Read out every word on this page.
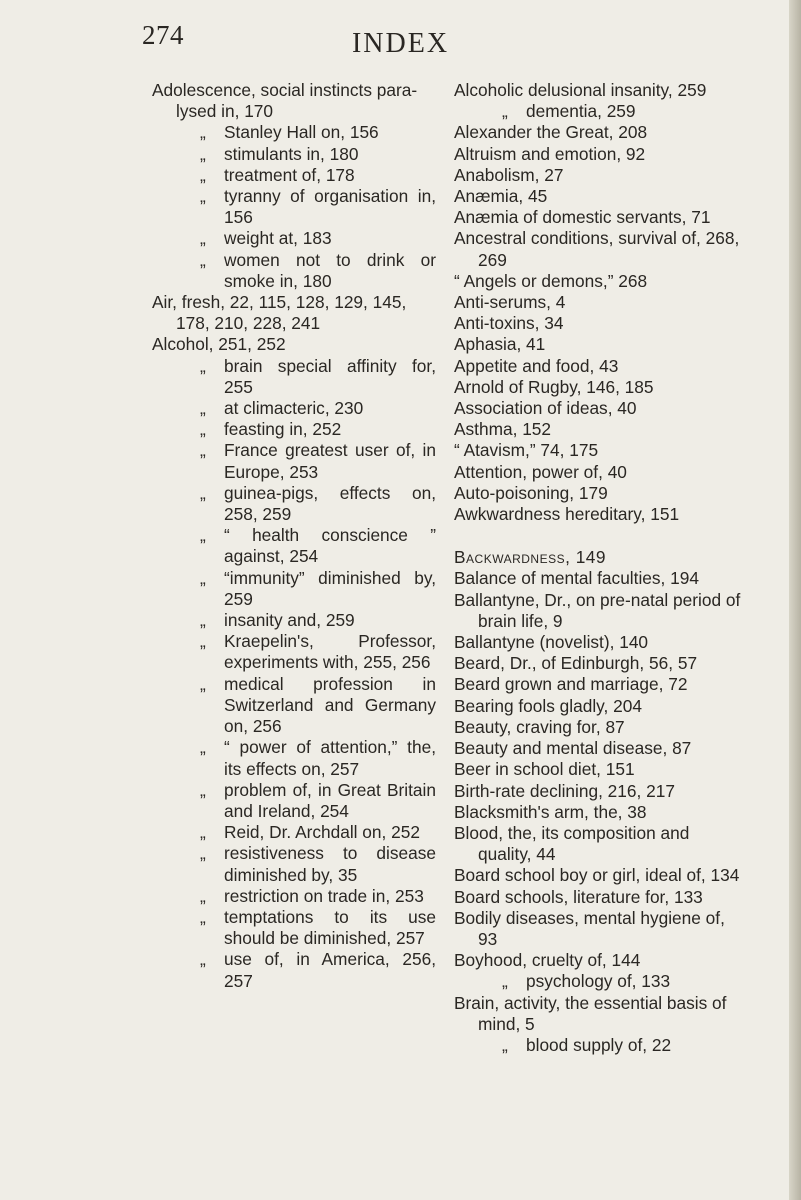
274	INDEX
Adolescence, social instincts paralysed in, 170
„ Stanley Hall on, 156
„ stimulants in, 180
„ treatment of, 178
„ tyranny of organisation in, 156
„ weight at, 183
„ women not to drink or smoke in, 180
Air, fresh, 22, 115, 128, 129, 145, 178, 210, 228, 241
Alcohol, 251, 252
„ brain special affinity for, 255
„ at climacteric, 230
„ feasting in, 252
„ France greatest user of, in Europe, 253
„ guinea-pigs, effects on, 258, 259
„ “ health conscience ” against, 254
„ “immunity” diminished by, 259
„ insanity and, 259
„ Kraepelin's, Professor, experiments with, 255, 256
„ medical profession in Switzerland and Germany on, 256
„ “ power of attention,” the, its effects on, 257
„ problem of, in Great Britain and Ireland, 254
„ Reid, Dr. Archdall on, 252
„ resistiveness to disease diminished by, 35
„ restriction on trade in, 253
„ temptations to its use should be diminished, 257
„ use of, in America, 256, 257
Alcoholic delusional insanity, 259
„ dementia, 259
Alexander the Great, 208
Altruism and emotion, 92
Anabolism, 27
Anæmia, 45
Anæmia of domestic servants, 71
Ancestral conditions, survival of, 268, 269
“ Angels or demons,” 268
Anti-serums, 4
Anti-toxins, 34
Aphasia, 41
Appetite and food, 43
Arnold of Rugby, 146, 185
Association of ideas, 40
Asthma, 152
“ Atavism,” 74, 175
Attention, power of, 40
Auto-poisoning, 179
Awkwardness hereditary, 151
Backwardness, 149
Balance of mental faculties, 194
Ballantyne, Dr., on pre-natal period of brain life, 9
Ballantyne (novelist), 140
Beard, Dr., of Edinburgh, 56, 57
Beard grown and marriage, 72
Bearing fools gladly, 204
Beauty, craving for, 87
Beauty and mental disease, 87
Beer in school diet, 151
Birth-rate declining, 216, 217
Blacksmith's arm, the, 38
Blood, the, its composition and quality, 44
Board school boy or girl, ideal of, 134
Board schools, literature for, 133
Bodily diseases, mental hygiene of, 93
Boyhood, cruelty of, 144
„ psychology of, 133
Brain, activity, the essential basis of mind, 5
„ blood supply of, 22
